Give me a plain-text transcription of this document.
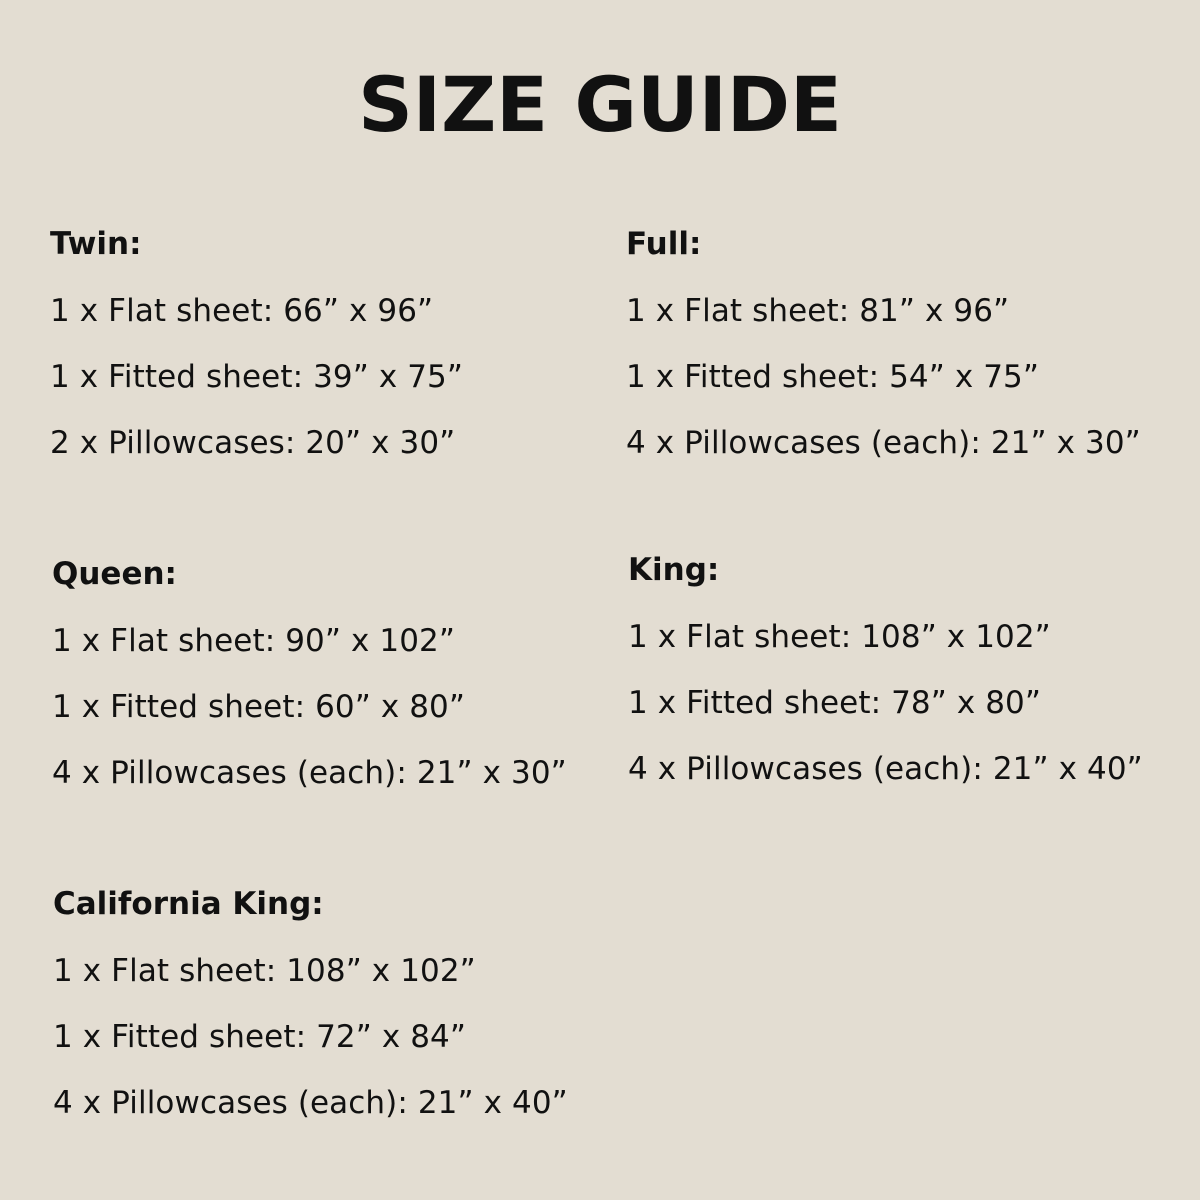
SIZE GUIDE
Twin:

1 x Flat sheet: 66” x 96”

1 x Fitted sheet: 39” x 75”

2 x Pillowcases: 20” x 30”

Full:

1 x Flat sheet: 81” x 96”

1 x Fitted sheet: 54” x 75”

4 x Pillowcases (each): 21” x 30”

Queen:

1 x Flat sheet: 90” x 102”

1 x Fitted sheet: 60” x 80”

4 x Pillowcases (each): 21” x 30”

King:

1 x Flat sheet: 108” x 102”

1 x Fitted sheet: 78” x 80”

4 x Pillowcases (each): 21” x 40”

California King:

1 x Flat sheet: 108” x 102”

1 x Fitted sheet: 72” x 84”

4 x Pillowcases (each): 21” x 40”
